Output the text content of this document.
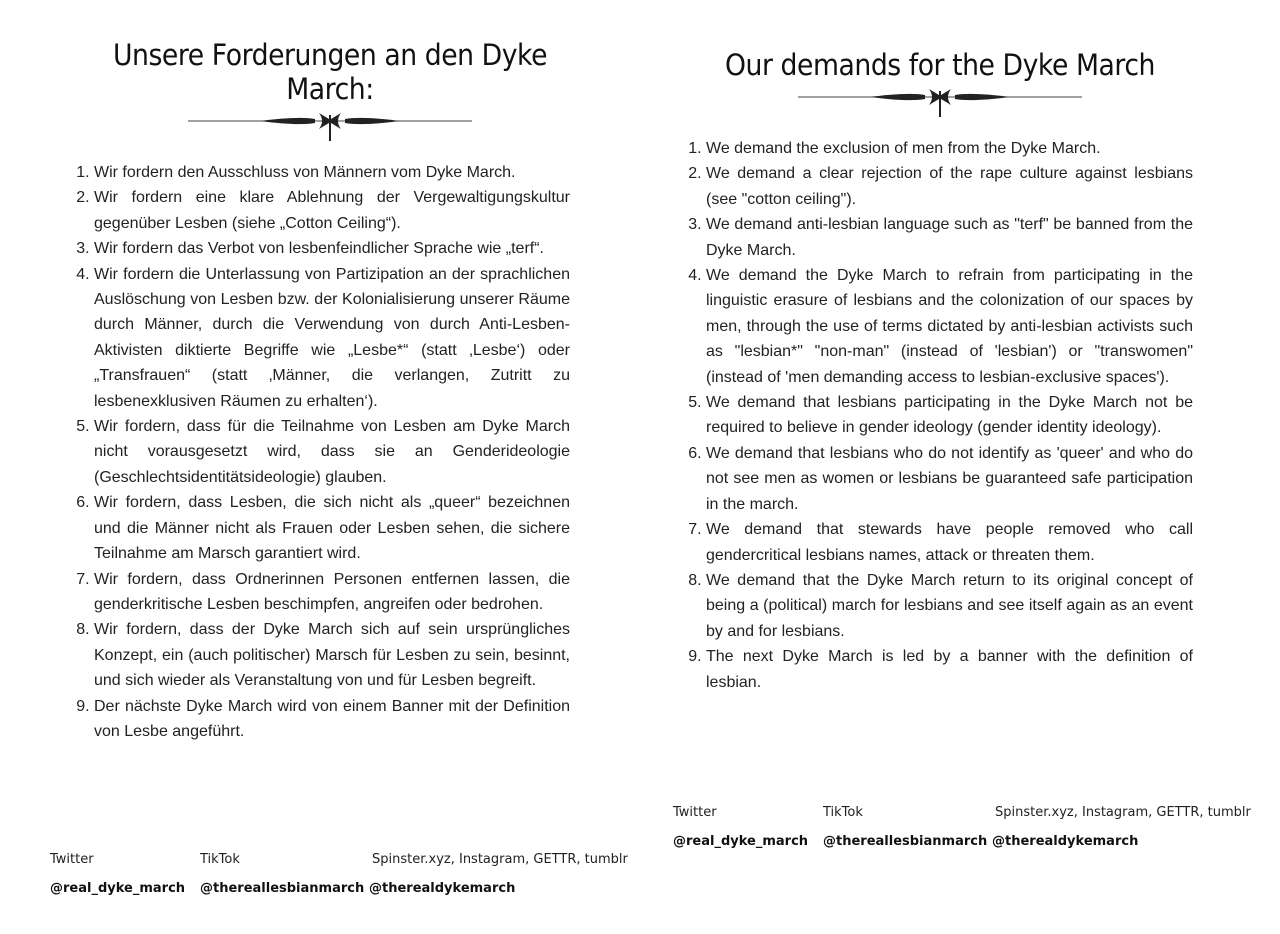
Unsere Forderungen an den Dyke March:
1. Wir fordern den Ausschluss von Männern vom Dyke March.
2. Wir fordern eine klare Ablehnung der Vergewaltigungskultur gegenüber Lesben (siehe „Cotton Ceiling“).
3. Wir fordern das Verbot von lesbenfeindlicher Sprache wie „terf“.
4. Wir fordern die Unterlassung von Partizipation an der sprachlichen Auslöschung von Lesben bzw. der Kolonialisierung unserer Räume durch Männer, durch die Verwendung von durch Anti-Lesben-Aktivisten diktierte Begriffe wie „Lesbe*“ (statt ‚Lesbe‘) oder „Transfrauen“ (statt ‚Männer, die verlangen, Zutritt zu lesbenexklusiven Räumen zu erhalten‘).
5. Wir fordern, dass für die Teilnahme von Lesben am Dyke March nicht vorausgesetzt wird, dass sie an Genderideologie (Geschlechtsidentitätsideologie) glauben.
6. Wir fordern, dass Lesben, die sich nicht als „queer“ bezeichnen und die Männer nicht als Frauen oder Lesben sehen, die sichere Teilnahme am Marsch garantiert wird.
7. Wir fordern, dass Ordnerinnen Personen entfernen lassen, die genderkritische Lesben beschimpfen, angreifen oder bedrohen.
8. Wir fordern, dass der Dyke March sich auf sein ursprüngliches Konzept, ein (auch politischer) Marsch für Lesben zu sein, besinnt, und sich wieder als Veranstaltung von und für Lesben begreift.
9. Der nächste Dyke March wird von einem Banner mit der Definition von Lesbe angeführt.
Our demands for the Dyke March
1. We demand the exclusion of men from the Dyke March.
2. We demand a clear rejection of the rape culture against lesbians (see "cotton ceiling").
3. We demand anti-lesbian language such as "terf" be banned from the Dyke March.
4. We demand the Dyke March to refrain from participating in the linguistic erasure of lesbians and the colonization of our spaces by men, through the use of terms dictated by anti-lesbian activists such as "lesbian*" "non-man" (instead of 'lesbian') or "transwomen" (instead of 'men demanding access to lesbian-exclusive spaces').
5. We demand that lesbians participating in the Dyke March not be required to believe in gender ideology (gender identity ideology).
6. We demand that lesbians who do not identify as 'queer' and who do not see men as women or lesbians be guaranteed safe participation in the march.
7. We demand that stewards have people removed who call gendercritical lesbians names, attack or threaten them.
8. We demand that the Dyke March return to its original concept of being a (political) march for lesbians and see itself again as an event by and for lesbians.
9. The next Dyke March is led by a banner with the definition of lesbian.
Twitter	TikTok	Spinster.xyz, Instagram, GETTR, tumblr
@real_dyke_march @thereallesbianmarch @therealdykemarch
Twitter	TikTok	Spinster.xyz, Instagram, GETTR, tumblr
@real_dyke_march @thereallesbianmarch @therealdykemarch
